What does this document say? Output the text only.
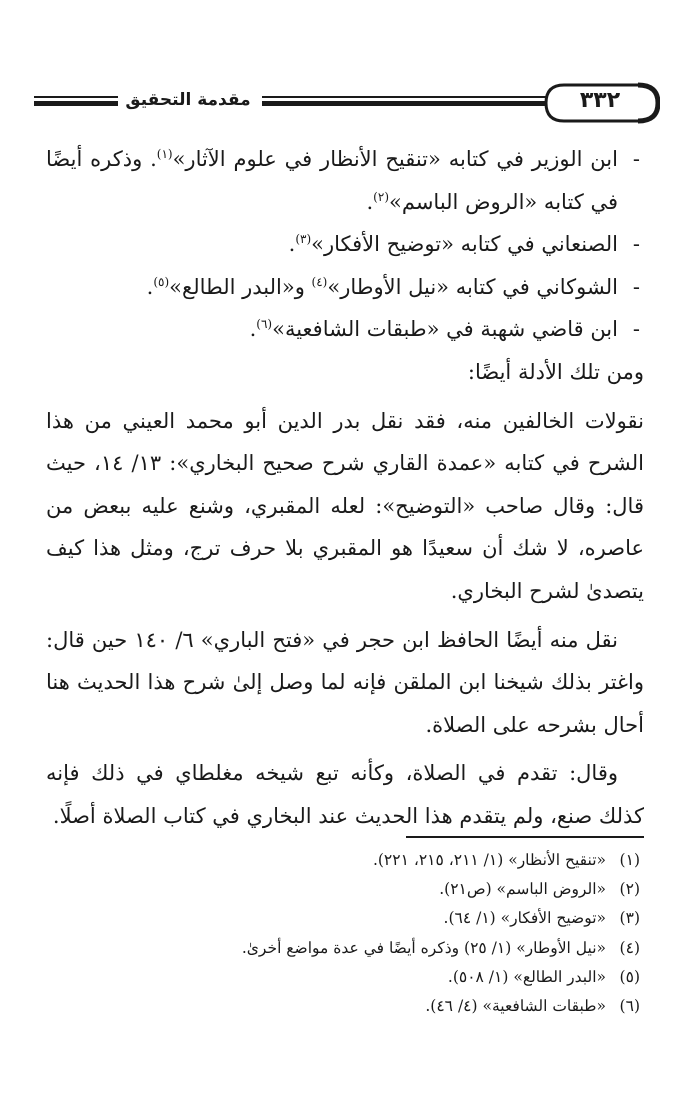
مقدمة التحقيق	٣٣٢

- ابن الوزير في كتابه «تنقيح الأنظار في علوم الآثار»$^{(١)}$. وذكره أيضًا في كتابه «الروض الباسم»$^{(٢)}$.

- الصنعاني في كتابه «توضيح الأفكار»$^{(٣)}$.

- الشوكاني في كتابه «نيل الأوطار»$^{(٤)}$ و«البدر الطالع»$^{(٥)}$.

- ابن قاضي شهبة في «طبقات الشافعية»$^{(٦)}$.

ومن تلك الأدلة أيضًا:

نقولات الخالفين منه، فقد نقل بدر الدين أبو محمد العيني من هذا الشرح في كتابه «عمدة القاري شرح صحيح البخاري»: ١٣/ ١٤، حيث قال: وقال صاحب «التوضيح»: لعله المقبري، وشنع عليه ببعض من عاصره، لا شك أن سعيدًا هو المقبري بلا حرف ترج، ومثل هذا كيف يتصدىٰ لشرح البخاري.

نقل منه أيضًا الحافظ ابن حجر في «فتح الباري» ٦/ ١٤٠ حين قال: واغتر بذلك شيخنا ابن الملقن فإنه لما وصل إلىٰ شرح هذا الحديث هنا أحال بشرحه على الصلاة.

وقال: تقدم في الصلاة، وكأنه تبع شيخه مغلطاي في ذلك فإنه كذلك صنع، ولم يتقدم هذا الحديث عند البخاري في كتاب الصلاة أصلًا.

(١)
«تنقيح الأنظار» (١/ ٢١١، ٢١٥، ٢٢١).
(٢)
«الروض الباسم» (ص٢١).
(٣)
«توضيح الأفكار» (١/ ٦٤).
(٤)
«نيل الأوطار» (١/ ٢٥) وذكره أيضًا في عدة مواضع أخرىٰ.
(٥)
«البدر الطالع» (١/ ٥٠٨).
(٦)
«طبقات الشافعية» (٤/ ٤٦).
